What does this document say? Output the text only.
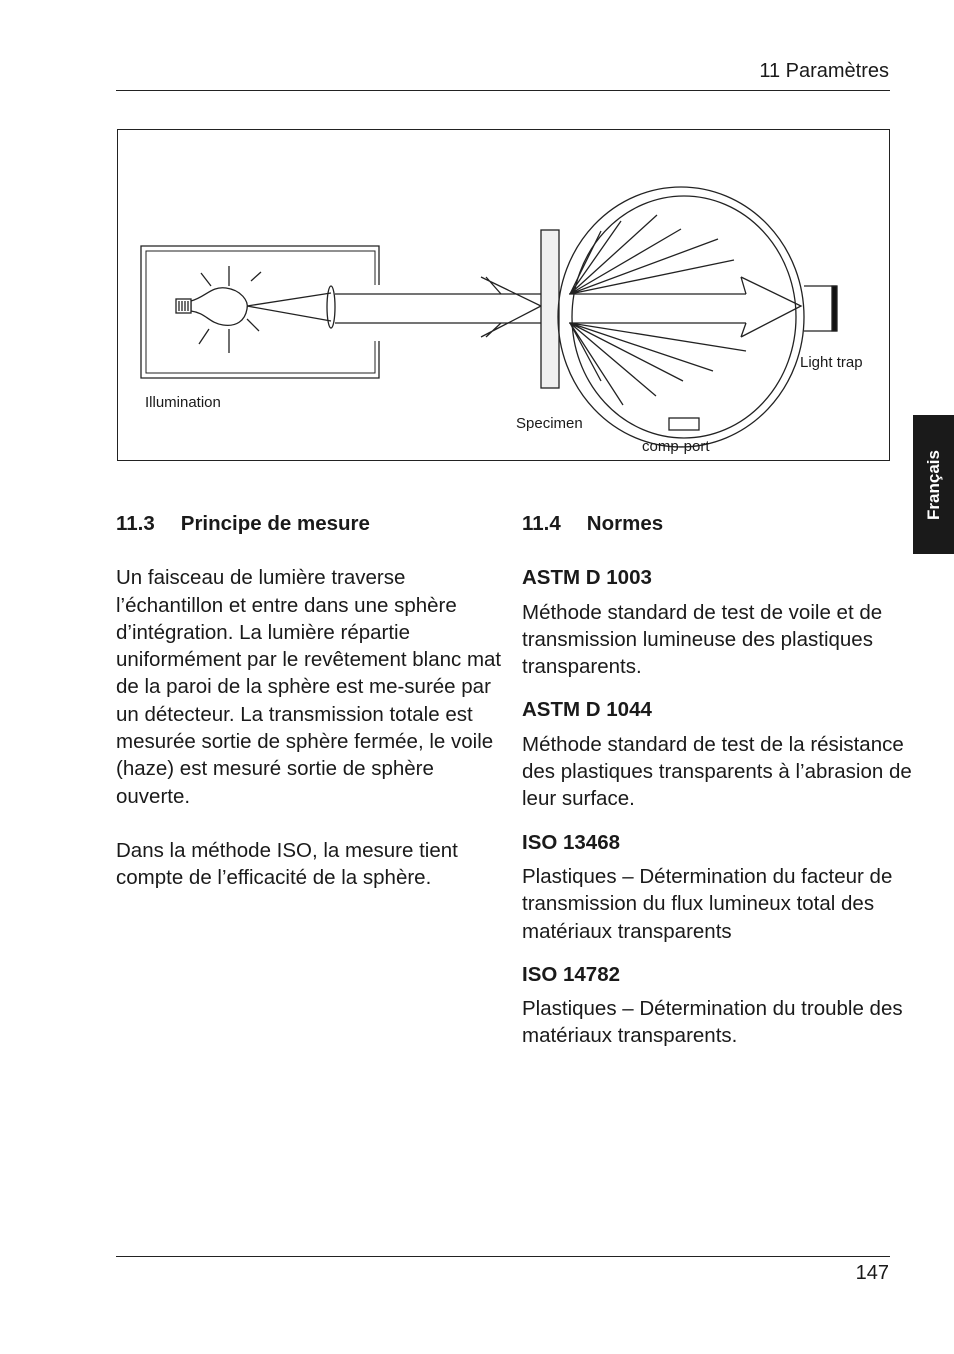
11 Paramètres
Illumination
Specimen
comp-port
Light trap
11.3 Principe de mesure

Un faisceau de lumière traverse l’échantillon et entre dans une sphère d’intégration. La lumière répartie uniformément par le revêtement blanc mat de la paroi de la sphère est me-surée par un détecteur. La transmission totale est mesurée sortie de sphère fermée, le voile (haze) est mesuré sortie de sphère ouverte.

Dans la méthode ISO, la mesure tient compte de l’efficacité de la sphère.

11.4 Normes
ASTM D 1003
Méthode standard de test de voile et de transmission lumineuse des plastiques transparents.
ASTM D 1044
Méthode standard de test de la résistance des plastiques transparents à l’abrasion de leur surface.
ISO 13468
Plastiques – Détermination du facteur de transmission du flux lumineux total des matériaux transparents
ISO 14782
Plastiques – Détermination du trouble des matériaux transparents.
Français
147
